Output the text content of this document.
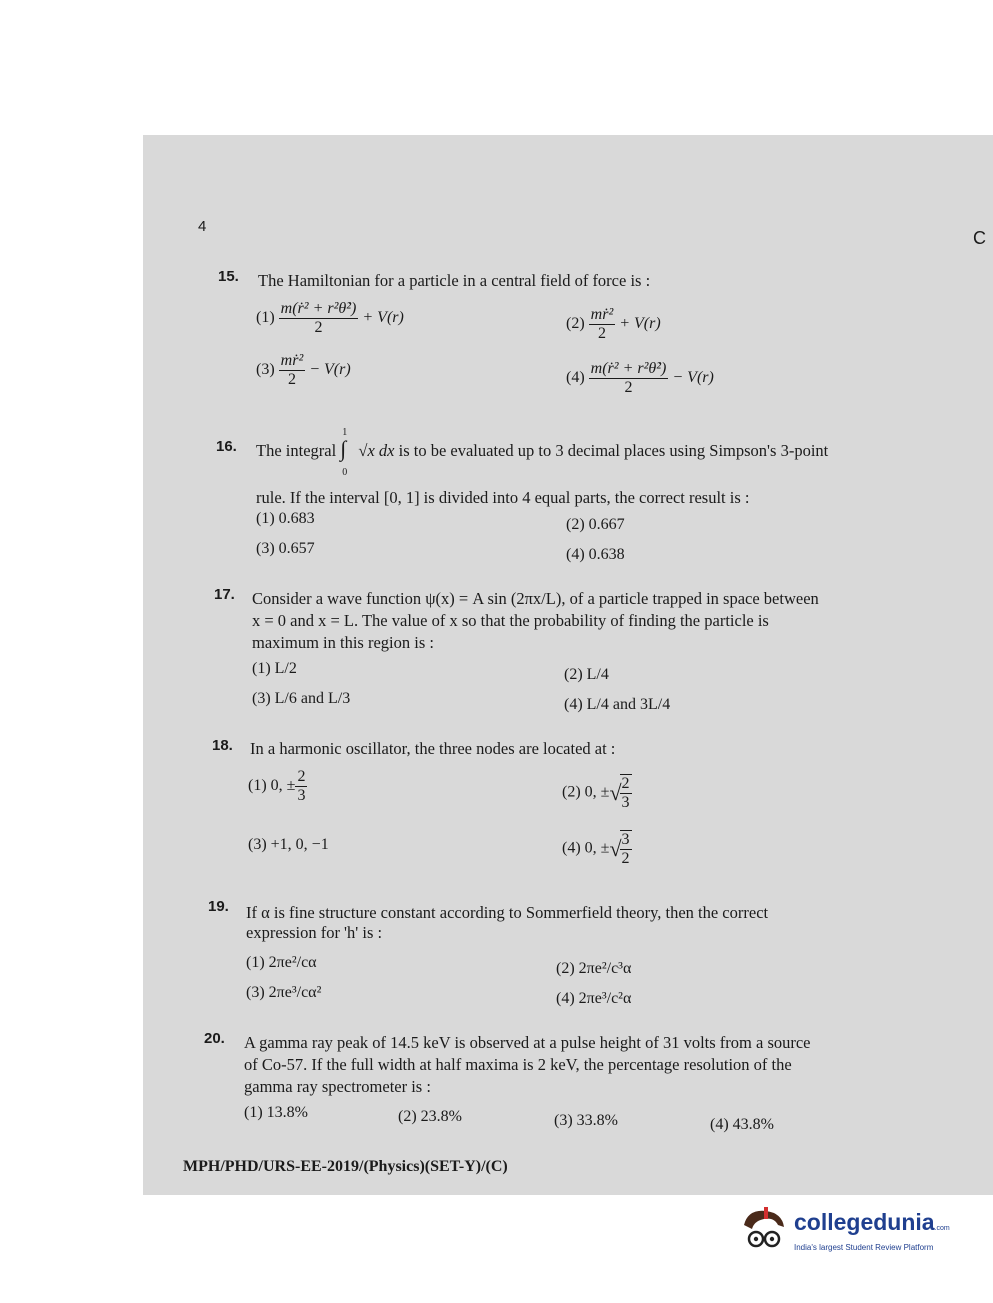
4
C
15. The Hamiltonian for a particle in a central field of force is :
$(1) \frac{\text{m(ṙ² + r²θ̇²)}}{2} + V(r)$	$(2) \frac{\text{mṙ²}}{2} + V(r)$
$(3) \frac{\text{mṙ²}}{2} - V(r)$	$(4) \frac{\text{m(ṙ² + r²θ̇²)}}{2} - V(r)$
16. The integral
1
∫
0
√x dx is to be evaluated up to 3 decimal places using Simpson's 3-point
rule. If the interval [0, 1] is divided into 4 equal parts, the correct result is :
(1) 0.683	(2) 0.667
(3) 0.657	(4) 0.638
17. Consider a wave function ψ(x) = A sin (2πx/L), of a particle trapped in space between
x = 0 and x = L. The value of x so that the probability of finding the particle is
maximum in this region is :
(1) L/2	(2) L/4
(3) L/6 and L/3	(4) L/4 and 3L/4
18. In a harmonic oscillator, the three nodes are located at :
(1) 0, ± $\frac{2}{3}$	(2) 0, ±√
$\frac{2}{3}$
(3) +1, 0, −1	(4) 0, ±√
$\frac{3}{2}$
19. If α is fine structure constant according to Sommerfield theory, then the correct
expression for 'h' is :
(1) 2πe²/cα	(2) 2πe²/c³α
(3) 2πe³/cα²	(4) 2πe³/c²α
20. A gamma ray peak of 14.5 keV is observed at a pulse height of 31 volts from a source
of Co-57. If the full width at half maxima is 2 keV, the percentage resolution of the
gamma ray spectrometer is :
(1) 13.8%	(2) 23.8%	(3) 33.8%	(4) 43.8%
MPH/PHD/URS-EE-2019/(Physics)(SET-Y)/(C)
collegedunia.com
India's largest Student Review Platform
